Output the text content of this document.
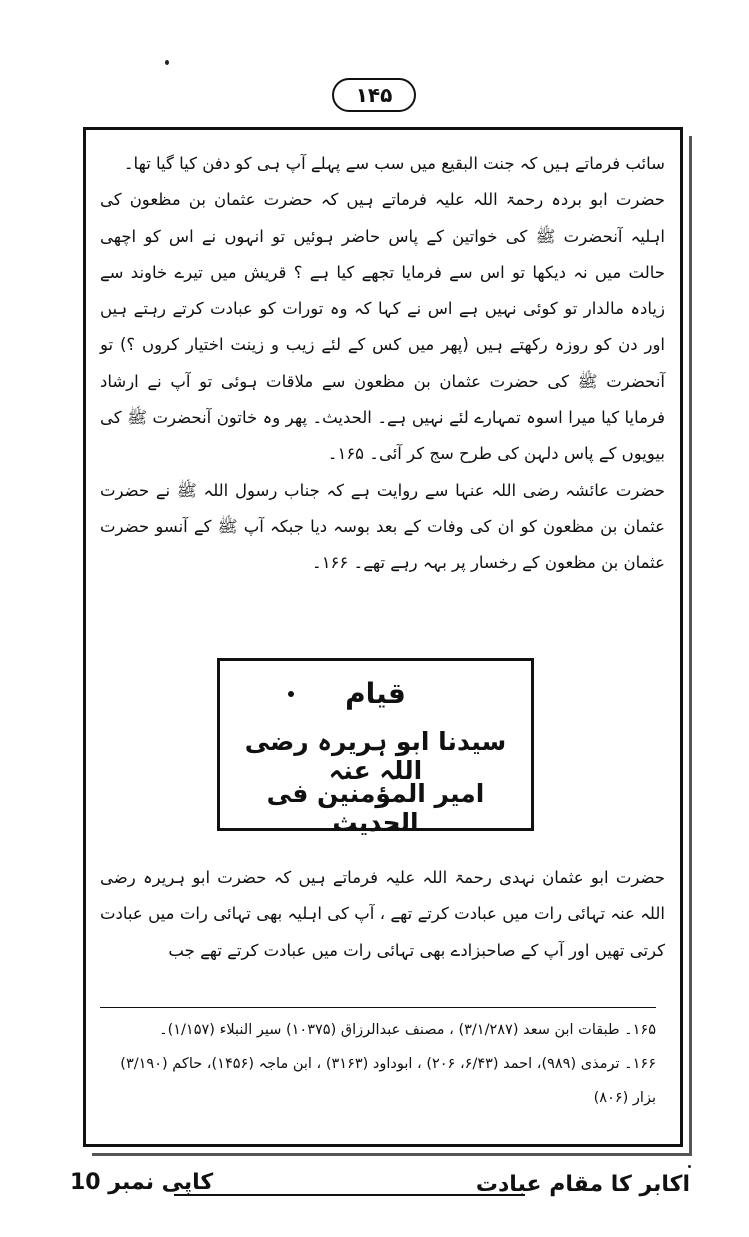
۱۴۵

سائب فرماتے ہیں کہ جنت البقیع میں سب سے پہلے آپ ہی کو دفن کیا گیا تھا۔

حضرت ابو بردہ رحمۃ اللہ علیہ فرماتے ہیں کہ حضرت عثمان بن مظعون کی اہلیہ آنحضرت ﷺ کی خواتین کے پاس حاضر ہوئیں تو انہوں نے اس کو اچھی حالت میں نہ دیکھا تو اس سے فرمایا تجھے کیا ہے ؟ قریش میں تیرے خاوند سے زیادہ مالدار تو کوئی نہیں ہے اس نے کہا کہ وہ تورات کو عبادت کرتے رہتے ہیں اور دن کو روزہ رکھتے ہیں (پھر میں کس کے لئے زیب و زینت اختیار کروں ؟) تو آنحضرت ﷺ کی حضرت عثمان بن مظعون سے ملاقات ہوئی تو آپ نے ارشاد فرمایا کیا میرا اسوہ تمہارے لئے نہیں ہے۔ الحدیث۔ پھر وہ خاتون آنحضرت ﷺ کی بیویوں کے پاس دلہن کی طرح سج کر آئی۔ ۱۶۵۔

حضرت عائشہ رضی اللہ عنہا سے روایت ہے کہ جناب رسول اللہ ﷺ نے حضرت عثمان بن مظعون کو ان کی وفات کے بعد بوسہ دیا جبکہ آپ ﷺ کے آنسو حضرت عثمان بن مظعون کے رخسار پر بہہ رہے تھے۔ ۱۶۶۔

قیام
سیدنا ابو ہریرہ رضی اللہ عنہ
امیر المؤمنین فی الحدیث

حضرت ابو عثمان نہدی رحمۃ اللہ علیہ فرماتے ہیں کہ حضرت ابو ہریرہ رضی اللہ عنہ تہائی رات میں عبادت کرتے تھے ، آپ کی اہلیہ بھی تہائی رات میں عبادت کرتی تھیں اور آپ کے صاحبزادے بھی تہائی رات میں عبادت کرتے تھے جب

۱۶۵۔ طبقات ابن سعد (۳/۱/۲۸۷) ، مصنف عبدالرزاق (۱۰۳۷۵) سیر النبلاء (۱/۱۵۷)۔

۱۶۶۔ ترمذی (۹۸۹)، احمد (۶/۴۳، ۲۰۶) ، ابوداود (۳۱۶۳) ، ابن ماجہ (۱۴۵۶)، حاکم (۳/۱۹۰) بزار (۸۰۶)

اکابر کا مقام عبادت
کاپی نمبر 10
